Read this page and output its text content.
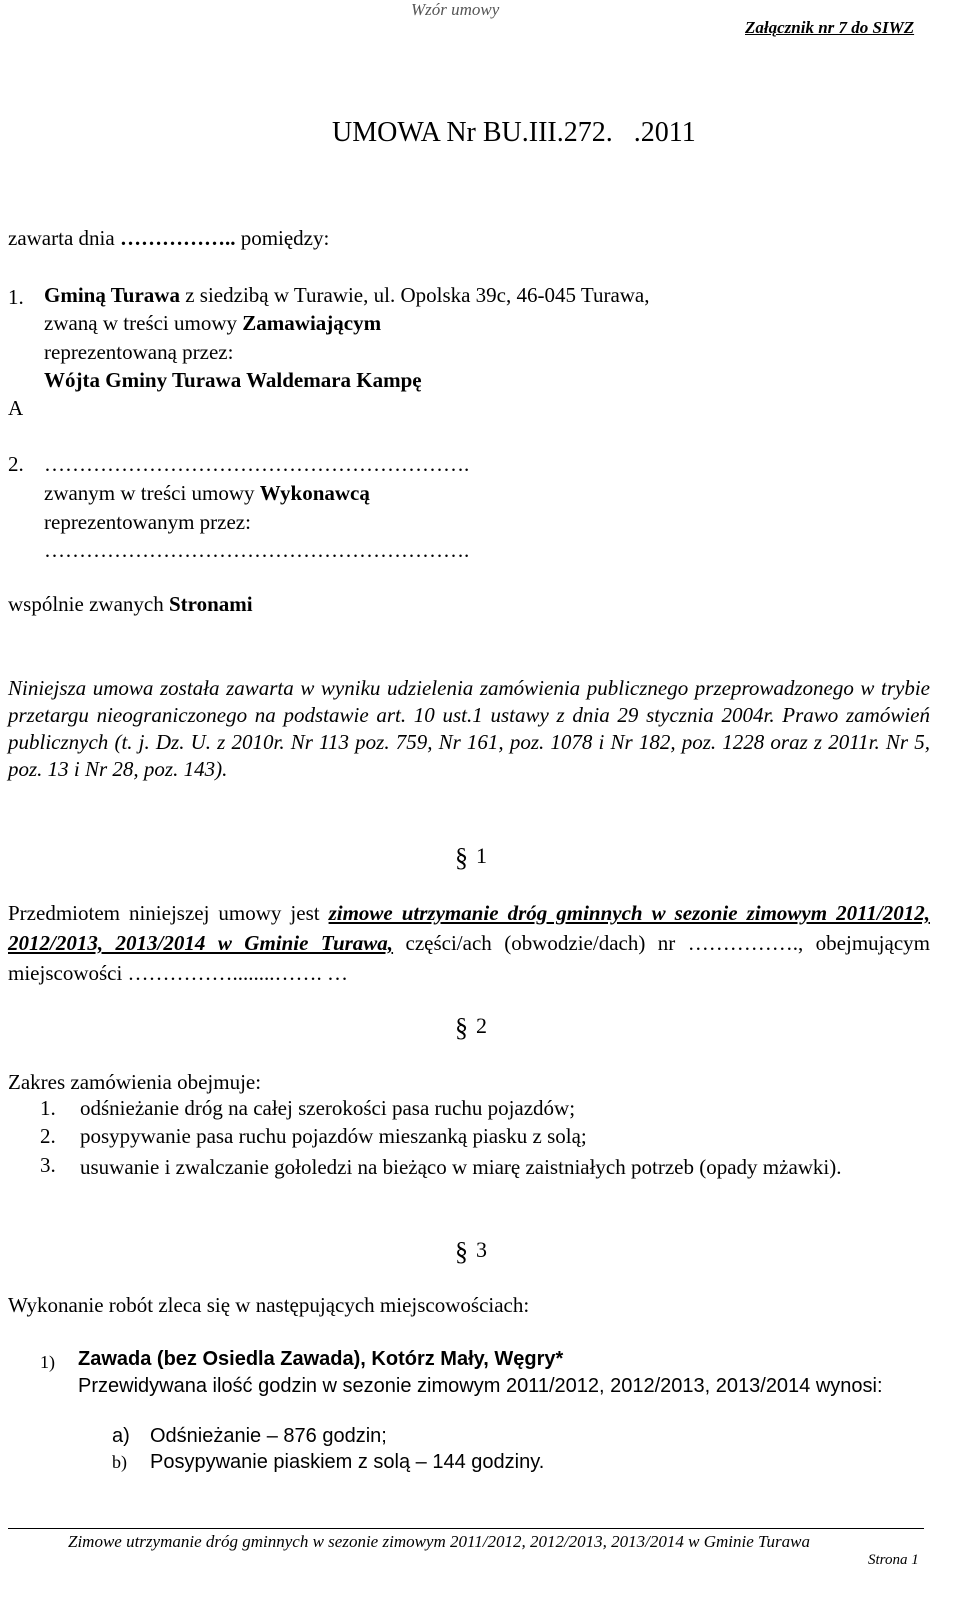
Wzór umowy
Załącznik nr 7 do SIWZ
UMOWA Nr BU.III.272.   .2011
zawarta dnia …………….. pomiędzy:
1. Gminą Turawa z siedzibą w Turawie, ul. Opolska 39c, 46-045 Turawa,
zwaną w treści umowy Zamawiającym
reprezentowaną przez:
Wójta Gminy Turawa Waldemara Kampę
A
2. …………………………………………………….
zwanym w treści umowy Wykonawcą
reprezentowanym przez:
…………………………………………………….
wspólnie zwanych Stronami
Niniejsza umowa została zawarta w wyniku udzielenia zamówienia publicznego przeprowadzonego w trybie przetargu nieograniczonego na podstawie art. 10 ust.1 ustawy z dnia 29 stycznia 2004r. Prawo zamówień publicznych (t. j. Dz. U. z 2010r. Nr 113 poz. 759, Nr 161, poz. 1078 i Nr 182, poz. 1228 oraz z 2011r. Nr 5, poz. 13 i Nr 28, poz. 143).
§ 1
Przedmiotem niniejszej umowy jest zimowe utrzymanie dróg gminnych w sezonie zimowym 2011/2012, 2012/2013, 2013/2014 w Gminie Turawa, części/ach (obwodzie/dach) nr ……………., obejmującym miejscowości ……………........……. …
§ 2
Zakres zamówienia obejmuje:
1. odśnieżanie dróg na całej szerokości pasa ruchu pojazdów;
2. posypywanie pasa ruchu pojazdów mieszanką piasku z solą;
3. usuwanie i zwalczanie gołoledzi na bieżąco w miarę zaistniałych potrzeb (opady mżawki).
§ 3
Wykonanie robót zleca się w następujących miejscowościach:
1) Zawada (bez Osiedla Zawada), Kotórz Mały, Węgry*
Przewidywana ilość godzin w sezonie zimowym 2011/2012, 2012/2013, 2013/2014 wynosi:
a) Odśnieżanie – 876 godzin;
b) Posypywanie piaskiem z solą – 144 godziny.
Zimowe utrzymanie dróg gminnych w sezonie zimowym 2011/2012, 2012/2013, 2013/2014 w Gminie Turawa
Strona 1
